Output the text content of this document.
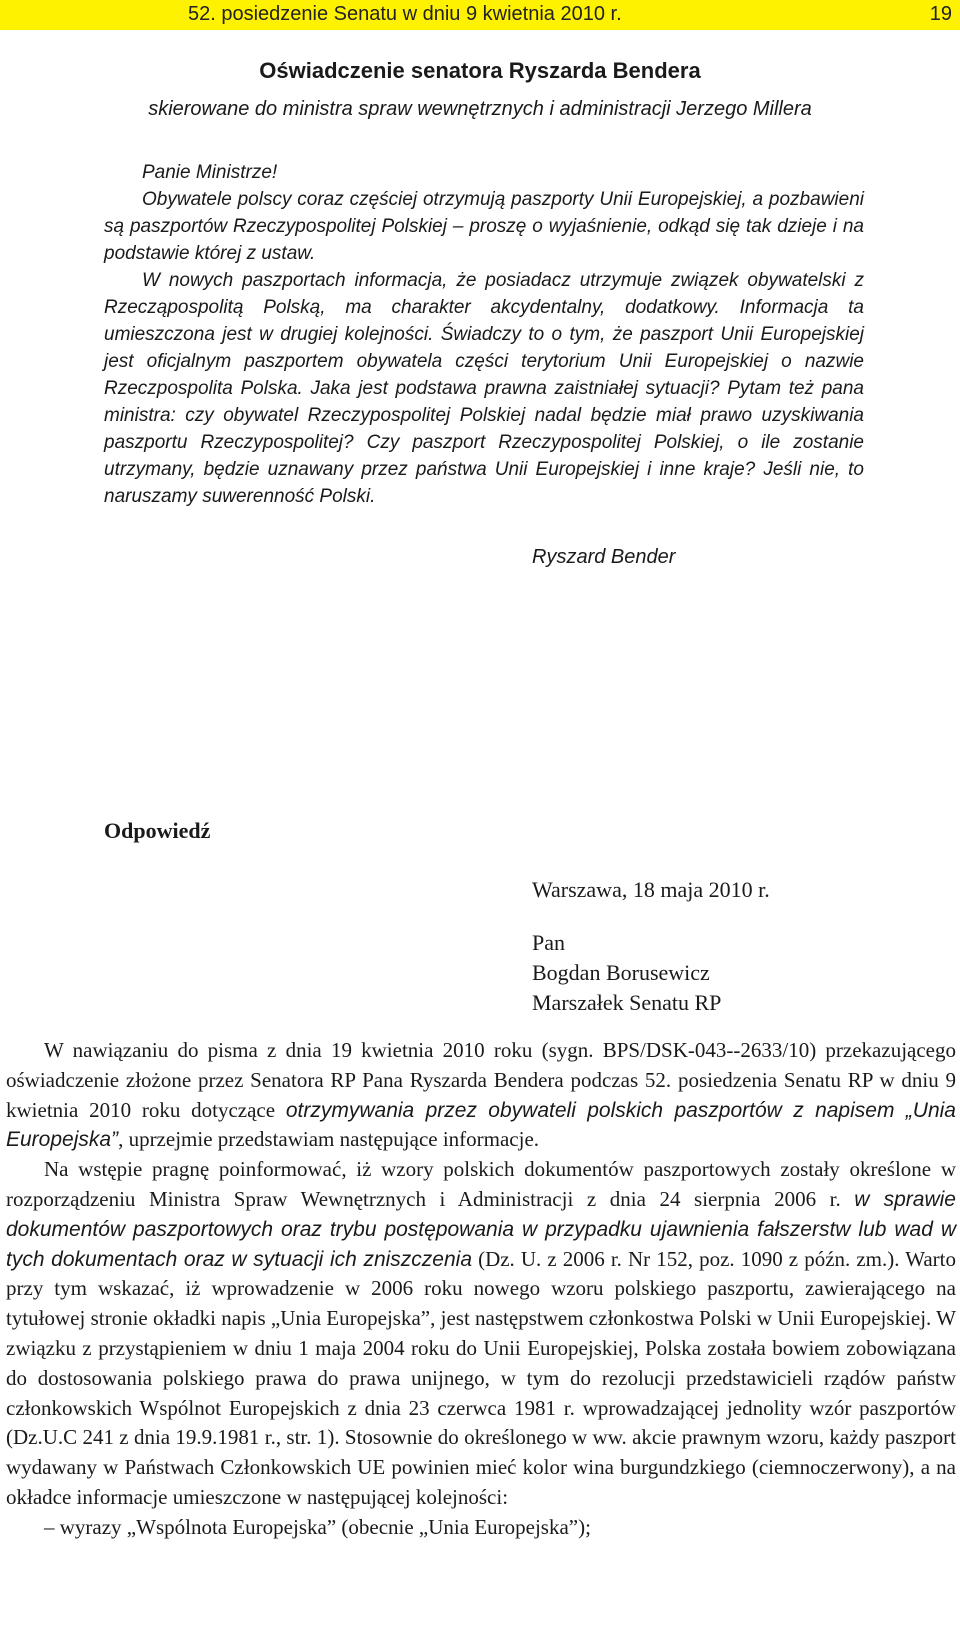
52. posiedzenie Senatu w dniu 9 kwietnia 2010 r.	19
Oświadczenie senatora Ryszarda Bendera
skierowane do ministra spraw wewnętrznych i administracji Jerzego Millera

Panie Ministrze!

Obywatele polscy coraz częściej otrzymują paszporty Unii Europejskiej, a pozbawieni są paszportów Rzeczypospolitej Polskiej – proszę o wyjaśnienie, odkąd się tak dzieje i na podstawie której z ustaw.

W nowych paszportach informacja, że posiadacz utrzymuje związek obywatelski z Rzecząpospolitą Polską, ma charakter akcydentalny, dodatkowy. Informacja ta umieszczona jest w drugiej kolejności. Świadczy to o tym, że paszport Unii Europejskiej jest oficjalnym paszportem obywatela części terytorium Unii Europejskiej o nazwie Rzeczpospolita Polska. Jaka jest podstawa prawna zaistniałej sytuacji? Pytam też pana ministra: czy obywatel Rzeczypospolitej Polskiej nadal będzie miał prawo uzyskiwania paszportu Rzeczypospolitej? Czy paszport Rzeczypospolitej Polskiej, o ile zostanie utrzymany, będzie uznawany przez państwa Unii Europejskiej i inne kraje? Jeśli nie, to naruszamy suwerenność Polski.

Ryszard Bender
Odpowiedź
Warszawa, 18 maja 2010 r.
Pan
Bogdan Borusewicz
Marszałek Senatu RP

W nawiązaniu do pisma z dnia 19 kwietnia 2010 roku (sygn. BPS/DSK-043--2633/10) przekazującego oświadczenie złożone przez Senatora RP Pana Ryszarda Bendera podczas 52. posiedzenia Senatu RP w dniu 9 kwietnia 2010 roku dotyczące otrzymywania przez obywateli polskich paszportów z napisem „Unia Europejska”, uprzejmie przedstawiam następujące informacje.

Na wstępie pragnę poinformować, iż wzory polskich dokumentów paszportowych zostały określone w rozporządzeniu Ministra Spraw Wewnętrznych i Administracji z dnia 24 sierpnia 2006 r. w sprawie dokumentów paszportowych oraz trybu postępowania w przypadku ujawnienia fałszerstw lub wad w tych dokumentach oraz w sytuacji ich zniszczenia (Dz. U. z 2006 r. Nr 152, poz. 1090 z późn. zm.). Warto przy tym wskazać, iż wprowadzenie w 2006 roku nowego wzoru polskiego paszportu, zawierającego na tytułowej stronie okładki napis „Unia Europejska”, jest następstwem członkostwa Polski w Unii Europejskiej. W związku z przystąpieniem w dniu 1 maja 2004 roku do Unii Europejskiej, Polska została bowiem zobowiązana do dostosowania polskiego prawa do prawa unijnego, w tym do rezolucji przedstawicieli rządów państw członkowskich Wspólnot Europejskich z dnia 23 czerwca 1981 r. wprowadzającej jednolity wzór paszportów (Dz.U.C 241 z dnia 19.9.1981 r., str. 1). Stosownie do określonego w ww. akcie prawnym wzoru, każdy paszport wydawany w Państwach Członkowskich UE powinien mieć kolor wina burgundzkiego (ciemnoczerwony), a na okładce informacje umieszczone w następującej kolejności:

– wyrazy „Wspólnota Europejska” (obecnie „Unia Europejska”);
